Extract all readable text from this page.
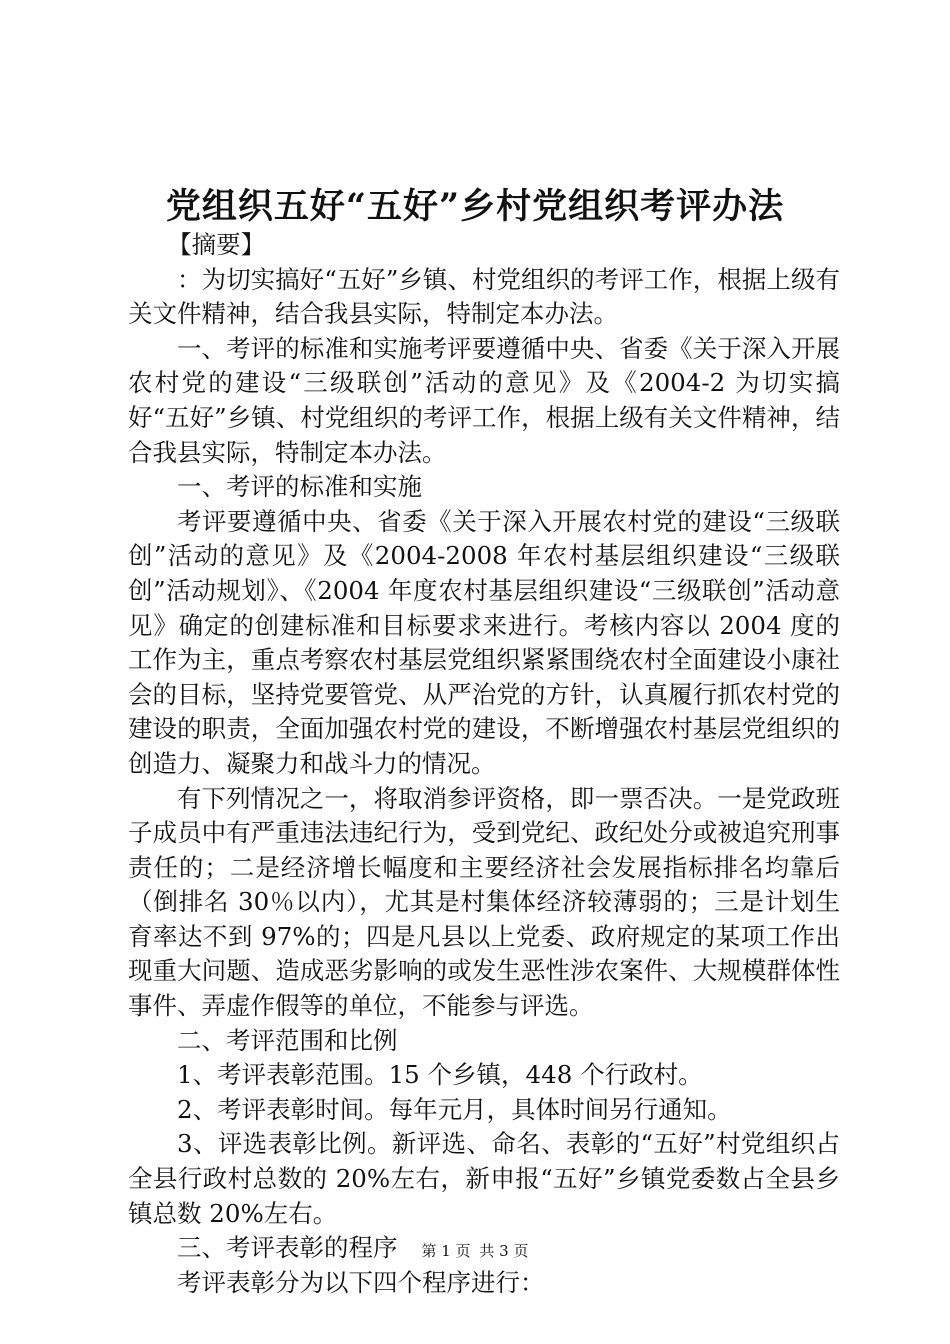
党组织五好“五好”乡村党组织考评办法

【摘要】

：为切实搞好“五好”乡镇、村党组织的考评工作，根据上级有关文件精神，结合我县实际，特制定本办法。

一、考评的标准和实施考评要遵循中央、省委《关于深入开展农村党的建设“三级联创”活动的意见》及《2004-2 为切实搞好“五好”乡镇、村党组织的考评工作，根据上级有关文件精神，结合我县实际，特制定本办法。

一、考评的标准和实施

考评要遵循中央、省委《关于深入开展农村党的建设“三级联创”活动的意见》及《2004-2008 年农村基层组织建设“三级联创”活动规划》、《2004 年度农村基层组织建设“三级联创”活动意见》确定的创建标准和目标要求来进行。考核内容以 2004 度的工作为主，重点考察农村基层党组织紧紧围绕农村全面建设小康社会的目标，坚持党要管党、从严治党的方针，认真履行抓农村党的建设的职责，全面加强农村党的建设，不断增强农村基层党组织的创造力、凝聚力和战斗力的情况。

有下列情况之一，将取消参评资格，即一票否决。一是党政班子成员中有严重违法违纪行为，受到党纪、政纪处分或被追究刑事责任的；二是经济增长幅度和主要经济社会发展指标排名均靠后（倒排名 30％以内），尤其是村集体经济较薄弱的；三是计划生育率达不到 97%的；四是凡县以上党委、政府规定的某项工作出现重大问题、造成恶劣影响的或发生恶性涉农案件、大规模群体性事件、弄虚作假等的单位，不能参与评选。

二、考评范围和比例

1、考评表彰范围。15 个乡镇，448 个行政村。

2、考评表彰时间。每年元月，具体时间另行通知。

3、评选表彰比例。新评选、命名、表彰的“五好”村党组织占全县行政村总数的 20%左右，新申报“五好”乡镇党委数占全县乡镇总数 20%左右。

三、考评表彰的程序

考评表彰分为以下四个程序进行：

第 1 页 共 3 页
